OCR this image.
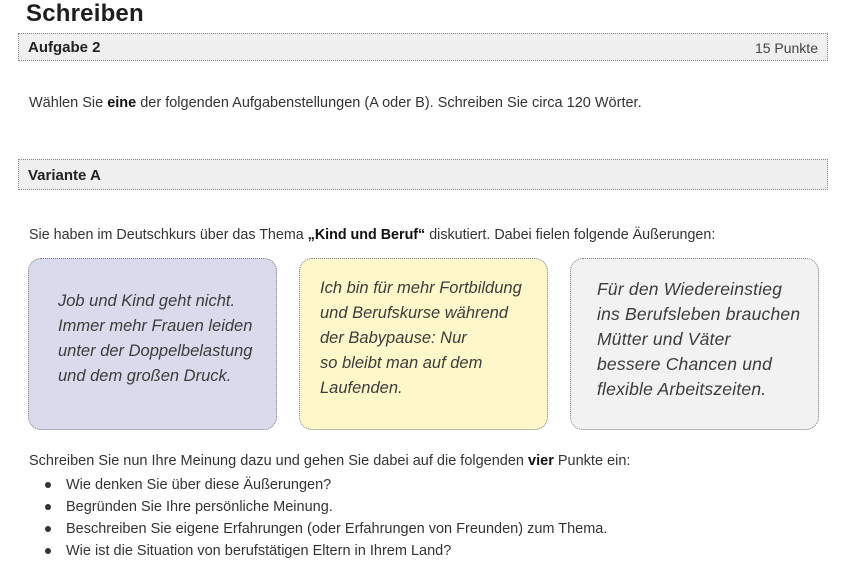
Schreiben
Aufgabe 2	15 Punkte
Wählen Sie eine der folgenden Aufgabenstellungen (A oder B). Schreiben Sie circa 120 Wörter.
Variante A
Sie haben im Deutschkurs über das Thema „Kind und Beruf“ diskutiert. Dabei fielen folgende Äußerungen:
Job und Kind geht nicht.
Immer mehr Frauen leiden
unter der Doppelbelastung
und dem großen Druck.
Ich bin für mehr Fortbildung
und Berufskurse während
der Babypause: Nur
so bleibt man auf dem
Laufenden.
Für den Wiedereinstieg
ins Berufsleben brauchen
Mütter und Väter
bessere Chancen und
flexible Arbeitszeiten.
Schreiben Sie nun Ihre Meinung dazu und gehen Sie dabei auf die folgenden vier Punkte ein:
Wie denken Sie über diese Äußerungen?
Begründen Sie Ihre persönliche Meinung.
Beschreiben Sie eigene Erfahrungen (oder Erfahrungen von Freunden) zum Thema.
Wie ist die Situation von berufstätigen Eltern in Ihrem Land?
